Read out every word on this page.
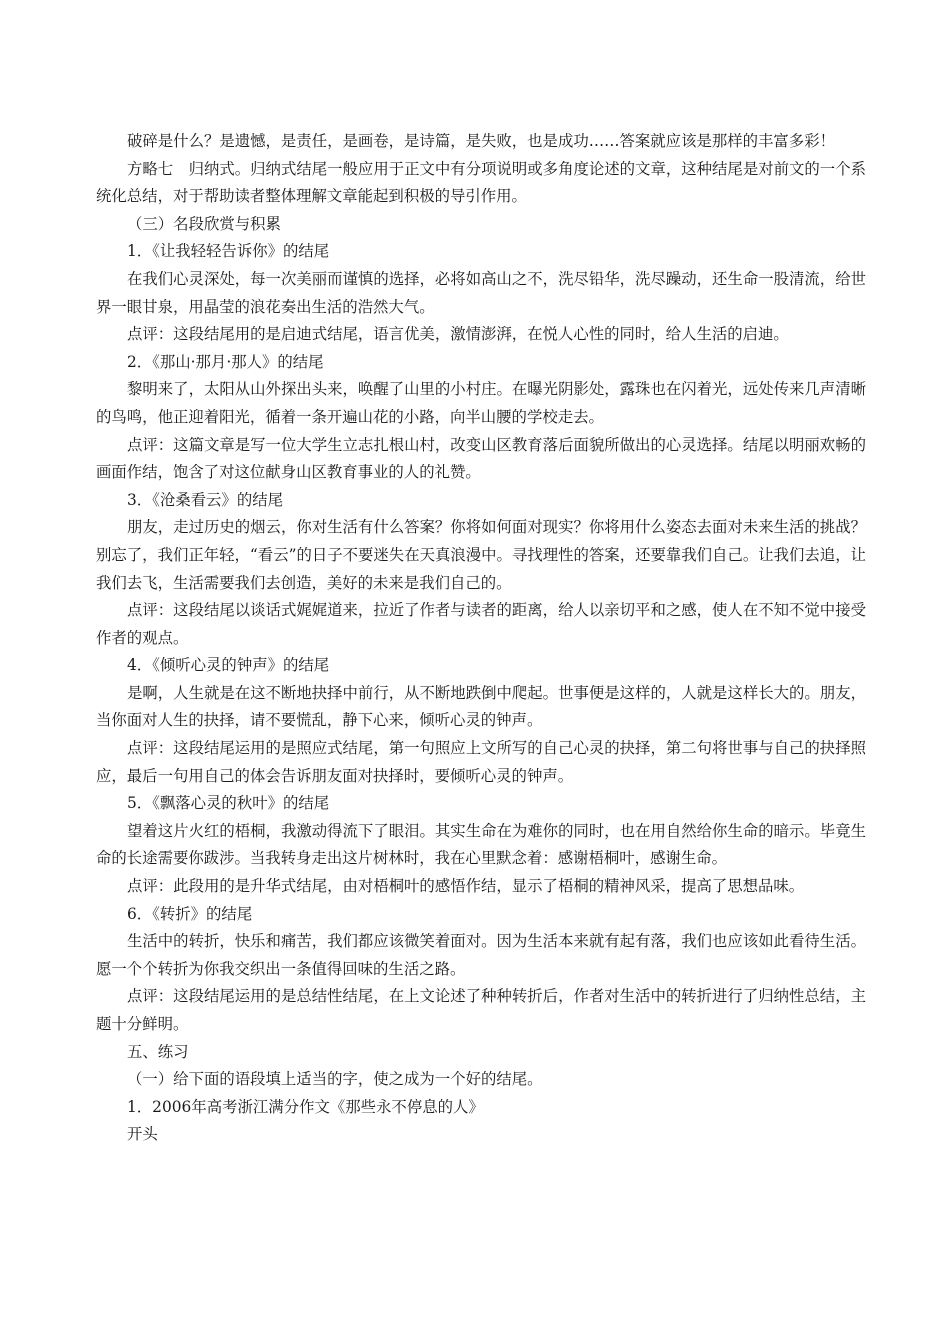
破碎是什么？是遗憾，是责任，是画卷，是诗篇，是失败，也是成功……答案就应该是那样的丰富多彩！

方略七　归纳式。归纳式结尾一般应用于正文中有分项说明或多角度论述的文章，这种结尾是对前文的一个系统化总结，对于帮助读者整体理解文章能起到积极的导引作用。

（三）名段欣赏与积累

1．《让我轻轻告诉你》的结尾

在我们心灵深处，每一次美丽而谨慎的选择，必将如高山之不，洗尽铅华，洗尽躁动，还生命一股清流，给世界一眼甘泉，用晶莹的浪花奏出生活的浩然大气。

点评：这段结尾用的是启迪式结尾，语言优美，激情澎湃，在悦人心性的同时，给人生活的启迪。

2．《那山·那月·那人》的结尾

黎明来了，太阳从山外探出头来，唤醒了山里的小村庄。在曝光阴影处，露珠也在闪着光，远处传来几声清晰的鸟鸣，他正迎着阳光，循着一条开遍山花的小路，向半山腰的学校走去。

点评：这篇文章是写一位大学生立志扎根山村，改变山区教育落后面貌所做出的心灵选择。结尾以明丽欢畅的画面作结，饱含了对这位献身山区教育事业的人的礼赞。

3．《沧桑看云》的结尾

朋友，走过历史的烟云，你对生活有什么答案？你将如何面对现实？你将用什么姿态去面对未来生活的挑战？别忘了，我们正年轻，“看云”的日子不要迷失在天真浪漫中。寻找理性的答案，还要靠我们自己。让我们去追，让我们去飞，生活需要我们去创造，美好的未来是我们自己的。

点评：这段结尾以谈话式娓娓道来，拉近了作者与读者的距离，给人以亲切平和之感，使人在不知不觉中接受作者的观点。

4．《倾听心灵的钟声》的结尾

是啊，人生就是在这不断地抉择中前行，从不断地跌倒中爬起。世事便是这样的，人就是这样长大的。朋友，当你面对人生的抉择，请不要慌乱，静下心来，倾听心灵的钟声。

点评：这段结尾运用的是照应式结尾，第一句照应上文所写的自己心灵的抉择，第二句将世事与自己的抉择照应，最后一句用自己的体会告诉朋友面对抉择时，要倾听心灵的钟声。

5．《飘落心灵的秋叶》的结尾

望着这片火红的梧桐，我激动得流下了眼泪。其实生命在为难你的同时，也在用自然给你生命的暗示。毕竟生命的长途需要你跋涉。当我转身走出这片树林时，我在心里默念着：感谢梧桐叶，感谢生命。

点评：此段用的是升华式结尾，由对梧桐叶的感悟作结，显示了梧桐的精神风采，提高了思想品味。

6．《转折》的结尾

生活中的转折，快乐和痛苦，我们都应该微笑着面对。因为生活本来就有起有落，我们也应该如此看待生活。愿一个个转折为你我交织出一条值得回味的生活之路。

点评：这段结尾运用的是总结性结尾，在上文论述了种种转折后，作者对生活中的转折进行了归纳性总结，主题十分鲜明。

五、练习

（一）给下面的语段填上适当的字，使之成为一个好的结尾。

1．2006年高考浙江满分作文《那些永不停息的人》

开头
